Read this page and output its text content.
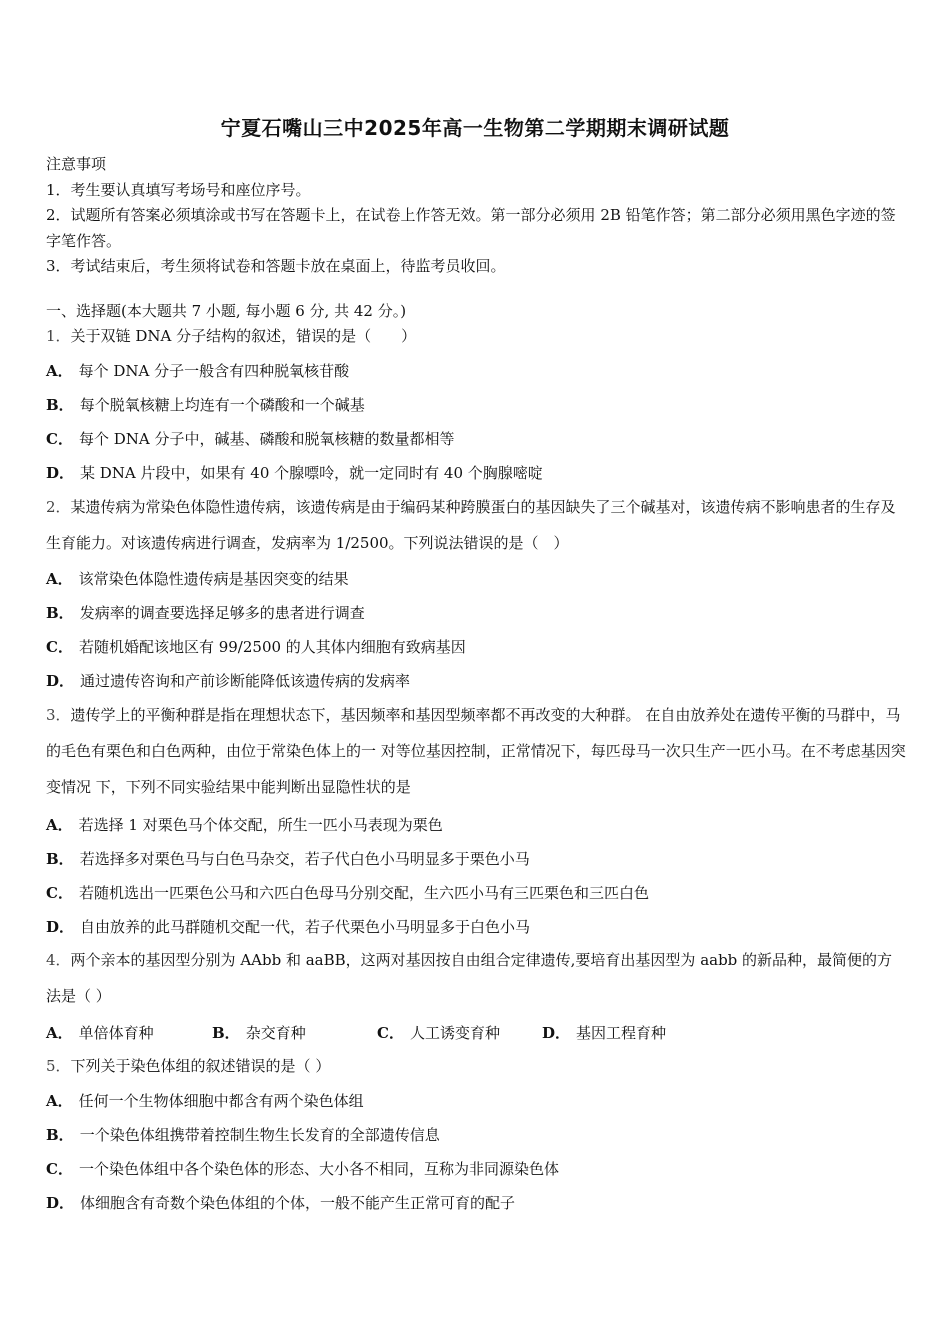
宁夏石嘴山三中2025年高一生物第二学期期末调研试题
注意事项
1．考生要认真填写考场号和座位序号。
2．试题所有答案必须填涂或书写在答题卡上，在试卷上作答无效。第一部分必须用 2B 铅笔作答；第二部分必须用黑色字迹的签字笔作答。
3．考试结束后，考生须将试卷和答题卡放在桌面上，待监考员收回。
一、选择题(本大题共 7 小题, 每小题 6 分, 共 42 分。)
1．关于双链 DNA 分子结构的叙述，错误的是（　　）
A． 每个 DNA 分子一般含有四种脱氧核苷酸
B． 每个脱氧核糖上均连有一个磷酸和一个碱基
C． 每个 DNA 分子中，碱基、磷酸和脱氧核糖的数量都相等
D． 某 DNA 片段中，如果有 40 个腺嘌呤，就一定同时有 40 个胸腺嘧啶
2．某遗传病为常染色体隐性遗传病，该遗传病是由于编码某种跨膜蛋白的基因缺失了三个碱基对，该遗传病不影响患者的生存及生育能力。对该遗传病进行调查，发病率为 1/2500。下列说法错误的是（　）
A． 该常染色体隐性遗传病是基因突变的结果
B． 发病率的调查要选择足够多的患者进行调查
C． 若随机婚配该地区有 99/2500 的人其体内细胞有致病基因
D． 通过遗传咨询和产前诊断能降低该遗传病的发病率
3．遗传学上的平衡种群是指在理想状态下，基因频率和基因型频率都不再改变的大种群。 在自由放养处在遗传平衡的马群中，马的毛色有栗色和白色两种，由位于常染色体上的一 对等位基因控制，正常情况下，每匹母马一次只生产一匹小马。在不考虑基因突变情况 下，下列不同实验结果中能判断出显隐性状的是
A． 若选择 1 对栗色马个体交配，所生一匹小马表现为栗色
B． 若选择多对栗色马与白色马杂交，若子代白色小马明显多于栗色小马
C． 若随机选出一匹栗色公马和六匹白色母马分别交配，生六匹小马有三匹栗色和三匹白色
D． 自由放养的此马群随机交配一代，若子代栗色小马明显多于白色小马
4．两个亲本的基因型分别为 AAbb 和 aaBB，这两对基因按自由组合定律遗传,要培育出基因型为 aabb 的新品种，最简便的方法是（ ）
A． 单倍体育种	B． 杂交育种	C． 人工诱变育种	D． 基因工程育种
5．下列关于染色体组的叙述错误的是（ ）
A． 任何一个生物体细胞中都含有两个染色体组
B． 一个染色体组携带着控制生物生长发育的全部遗传信息
C． 一个染色体组中各个染色体的形态、大小各不相同，互称为非同源染色体
D． 体细胞含有奇数个染色体组的个体，一般不能产生正常可育的配子
